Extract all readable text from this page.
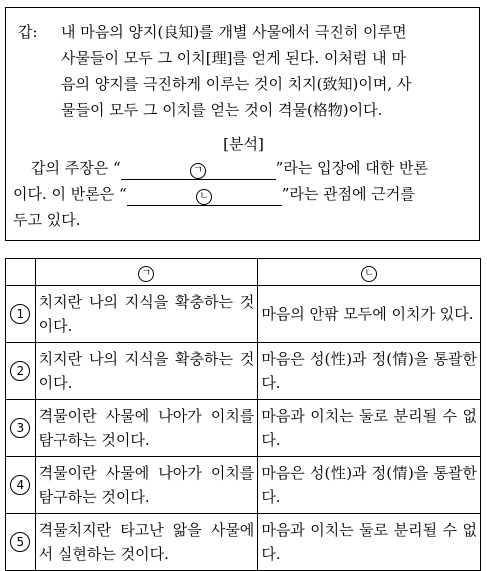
갑: 내 마음의 양지(良知)를 개별 사물에서 극진히 이루면
사물들이 모두 그 이치[理]를 얻게 된다. 이처럼 내 마
음의 양지를 극진하게 이루는 것이 치지(致知)이며, 사
물들이 모두 그 이치를 얻는 것이 격물(格物)이다.
[분석]
갑의 주장은 “	ㄱ	”라는 입장에 대한 반론
이다. 이 반론은 “	ㄴ	”라는 관점에 근거를
두고 있다.
	ㄱ	ㄴ
1	치지란 나의 지식을 확충하는 것이다.	마음의 안팎 모두에 이치가 있다.

2	치지란 나의 지식을 확충하는 것이다.	마음은 성(性)과 정(情)을 통괄한다.

3	격물이란 사물에 나아가 이치를 탐구하는 것이다.	마음과 이치는 둘로 분리될 수 없다.

4	격물이란 사물에 나아가 이치를 탐구하는 것이다.	마음은 성(性)과 정(情)을 통괄한다.

5	격물치지란 타고난 앎을 사물에서 실현하는 것이다.	마음과 이치는 둘로 분리될 수 없다.
